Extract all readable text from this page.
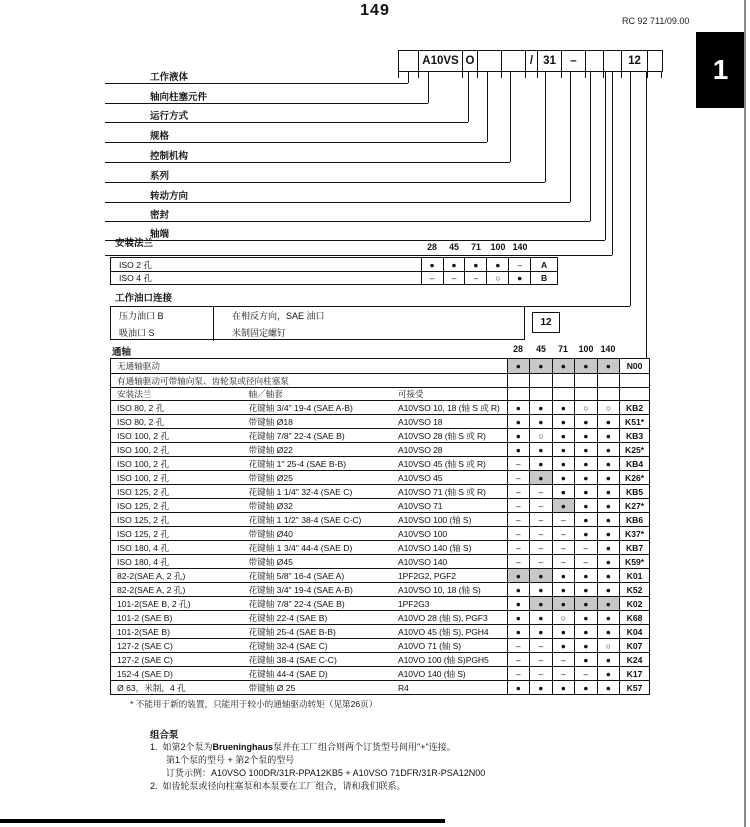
149
RC 92 711/09.00
1
A10VS O	/ 31	–	12
工作液体
轴向柱塞元件
运行方式
规格
控制机构
系列
转动方向
密封
轴端
安装法兰	28	45	71	100 140
ISO 2 孔	●	●	●	●	–	A
ISO 4 孔	–	–	–	○	●	B
工作油口连接
压力油口 B	在相反方向，SAE 油口
吸油口 S	米制固定螺钉
12
通轴	28	45	71	100 140
无通轴驱动	●	●	●	●	●	N00
有通轴驱动可带轴向泵、齿轮泵或径向柱塞泵
安装法兰	轴／轴套	可接受
ISO 80, 2 孔	花键轴 3/4" 19-4 (SAE A-B)	A10VSO 10, 18 (轴 S 或 R)	●	●	●	○	○	KB2
ISO 80, 2 孔	带键轴 Ø18	A10VSO 18	●	●	●	●	●	K51*
ISO 100, 2 孔	花键轴 7/8" 22-4 (SAE B)	A10VSO 28 (轴 S 或 R)	●	○	●	●	●	KB3
ISO 100, 2 孔	带键轴 Ø22	A10VSO 28	●	●	●	●	●	K25*
ISO 100, 2 孔	花键轴 1" 25-4 (SAE B-B)	A10VSO 45 (轴 S 或 R)	–	●	●	●	●	KB4
ISO 100, 2 孔	带键轴 Ø25	A10VSO 45	–	●	●	●	●	K26*
ISO 125, 2 孔	花键轴 1 1/4" 32-4 (SAE C)	A10VSO 71 (轴 S 或 R)	–	–	●	●	●	KB5
ISO 125, 2 孔	带键轴 Ø32	A10VSO 71	–	–	●	●	●	K27*
ISO 125, 2 孔	花键轴 1 1/2" 38-4 (SAE C-C)	A10VSO 100 (轴 S)	–	–	–	●	●	KB6
ISO 125, 2 孔	带键轴 Ø40	A10VSO 100	–	–	–	●	●	K37*
ISO 180, 4 孔	花键轴 1 3/4" 44-4 (SAE D)	A10VSO 140 (轴 S)	–	–	–	–	●	KB7
ISO 180, 4 孔	带键轴 Ø45	A10VSO 140	–	–	–	–	●	K59*
82-2(SAE A, 2 孔)	花键轴 5/8" 16-4 (SAE A)	1PF2G2, PGF2	●	●	●	●	●	K01
82-2(SAE A, 2 孔)	花键轴 3/4" 19-4 (SAE A-B)	A10VSO 10, 18 (轴 S)	●	●	●	●	●	K52
101-2(SAE B, 2 孔)	花键轴 7/8" 22-4 (SAE B)	1PF2G3	●	●	●	●	●	K02
101-2 (SAE B)	花键轴 22-4 (SAE B)	A10VO 28 (轴 S), PGF3	●	●	○	●	●	K68
101-2(SAE B)	花键轴 25-4 (SAE B-B)	A10VO 45 (轴 S), PGH4	●	●	●	●	●	K04
127-2 (SAE C)	花键轴 32-4 (SAE C)	A10VO 71 (轴 S)	–	–	●	●	○	K07
127-2 (SAE C)	花键轴 38-4 (SAE C-C)	A10VO 100 (轴 S)PGH5	–	–	–	●	●	K24
152-4 (SAE D)	花键轴 44-4 (SAE D)	A10VO 140 (轴 S)	–	–	–	–	●	K17
Ø 63，米制，4 孔	带键轴 Ø 25	R4	●	●	●	●	●	K57
* 不能用于新的装置，只能用于较小的通轴驱动转矩（见第26页）
组合泵
1. 如第2个泵为Brueninghaus泵并在工厂组合则两个订货型号间用"+"连接。
第1个泵的型号 + 第2个泵的型号
订货示例：A10VSO 100DR/31R-PPA12KB5 + A10VSO 71DFR/31R-PSA12N00
2. 如齿轮泵或径向柱塞泵和本泵要在工厂组合，请和我们联系。
